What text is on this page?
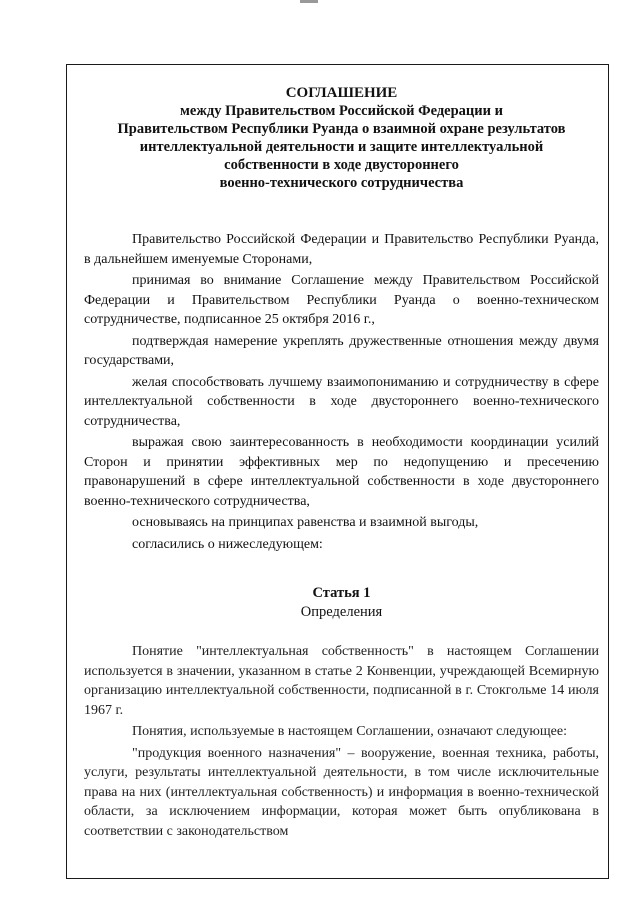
СОГЛАШЕНИЕ
между Правительством Российской Федерации и
Правительством Республики Руанда о взаимной охране результатов
интеллектуальной деятельности и защите интеллектуальной
собственности в ходе двустороннего
военно-технического сотрудничества

Правительство Российской Федерации и Правительство Республики Руанда, в дальнейшем именуемые Сторонами,

принимая во внимание Соглашение между Правительством Российской Федерации и Правительством Республики Руанда о военно-техническом сотрудничестве, подписанное 25 октября 2016 г.,

подтверждая намерение укреплять дружественные отношения между двумя государствами,

желая способствовать лучшему взаимопониманию и сотрудничеству в сфере интеллектуальной собственности в ходе двустороннего военно-технического сотрудничества,

выражая свою заинтересованность в необходимости координации усилий Сторон и принятии эффективных мер по недопущению и пресечению правонарушений в сфере интеллектуальной собственности в ходе двустороннего военно-технического сотрудничества,

основываясь на принципах равенства и взаимной выгоды,

согласились о нижеследующем:

Статья 1
Определения

Понятие "интеллектуальная собственность" в настоящем Соглашении используется в значении, указанном в статье 2 Конвенции, учреждающей Всемирную организацию интеллектуальной собственности, подписанной в г. Стокгольме 14 июля 1967 г.

Понятия, используемые в настоящем Соглашении, означают следующее:

"продукция военного назначения" – вооружение, военная техника, работы, услуги, результаты интеллектуальной деятельности, в том числе исключительные права на них (интеллектуальная собственность) и информация в военно-технической области, за исключением информации, которая может быть опубликована в соответствии с законодательством
